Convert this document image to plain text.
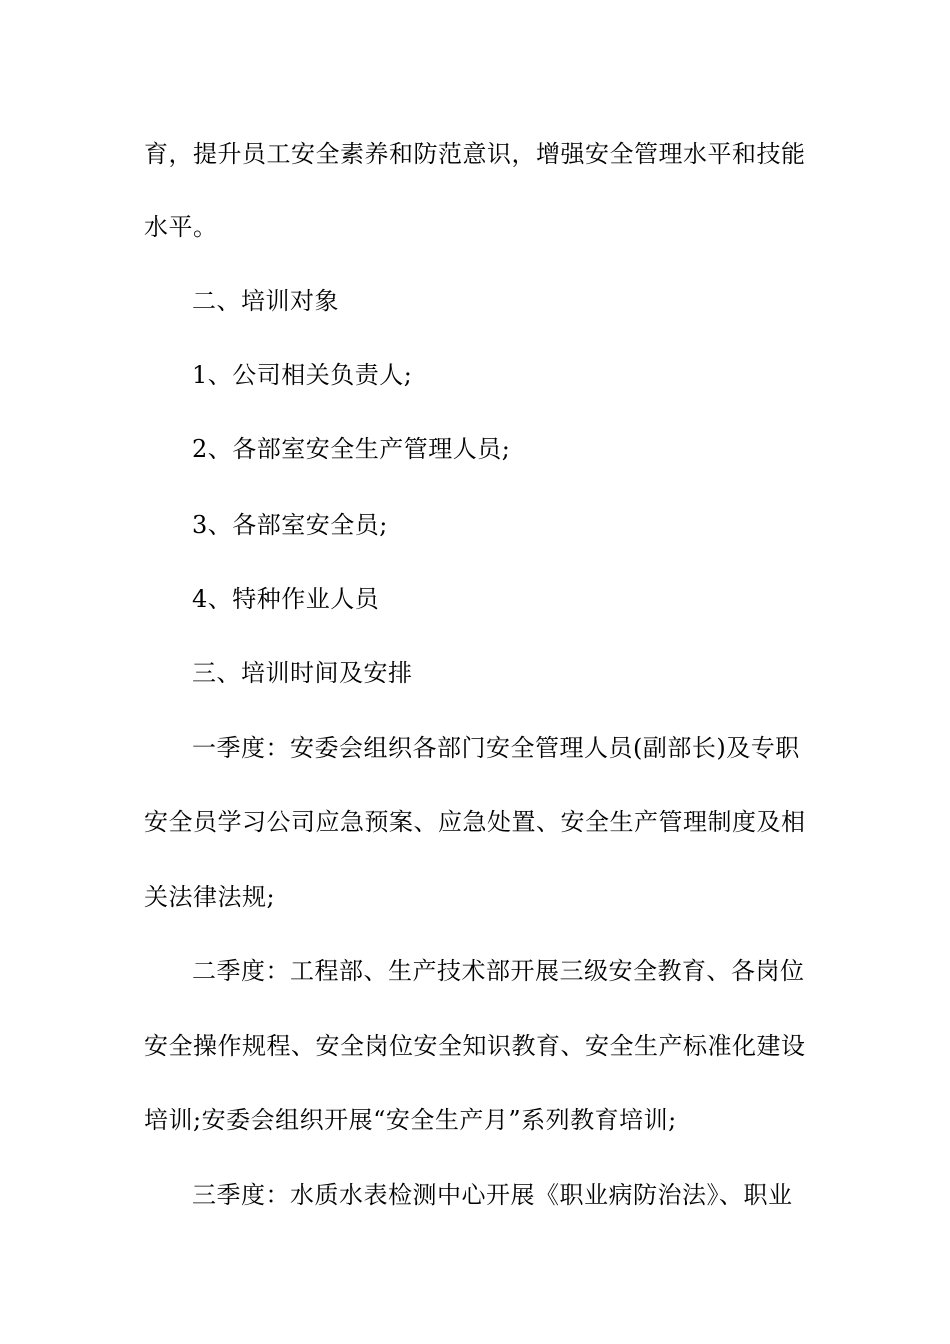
育，提升员工安全素养和防范意识，增强安全管理水平和技能
水平。
二、培训对象
1、公司相关负责人;
2、各部室安全生产管理人员;
3、各部室安全员;
4、特种作业人员
三、培训时间及安排
一季度：安委会组织各部门安全管理人员(副部长)及专职
安全员学习公司应急预案、应急处置、安全生产管理制度及相
关法律法规;
二季度：工程部、生产技术部开展三级安全教育、各岗位
安全操作规程、安全岗位安全知识教育、安全生产标准化建设
培训;安委会组织开展“安全生产月”系列教育培训;
三季度：水质水表检测中心开展《职业病防治法》、职业
